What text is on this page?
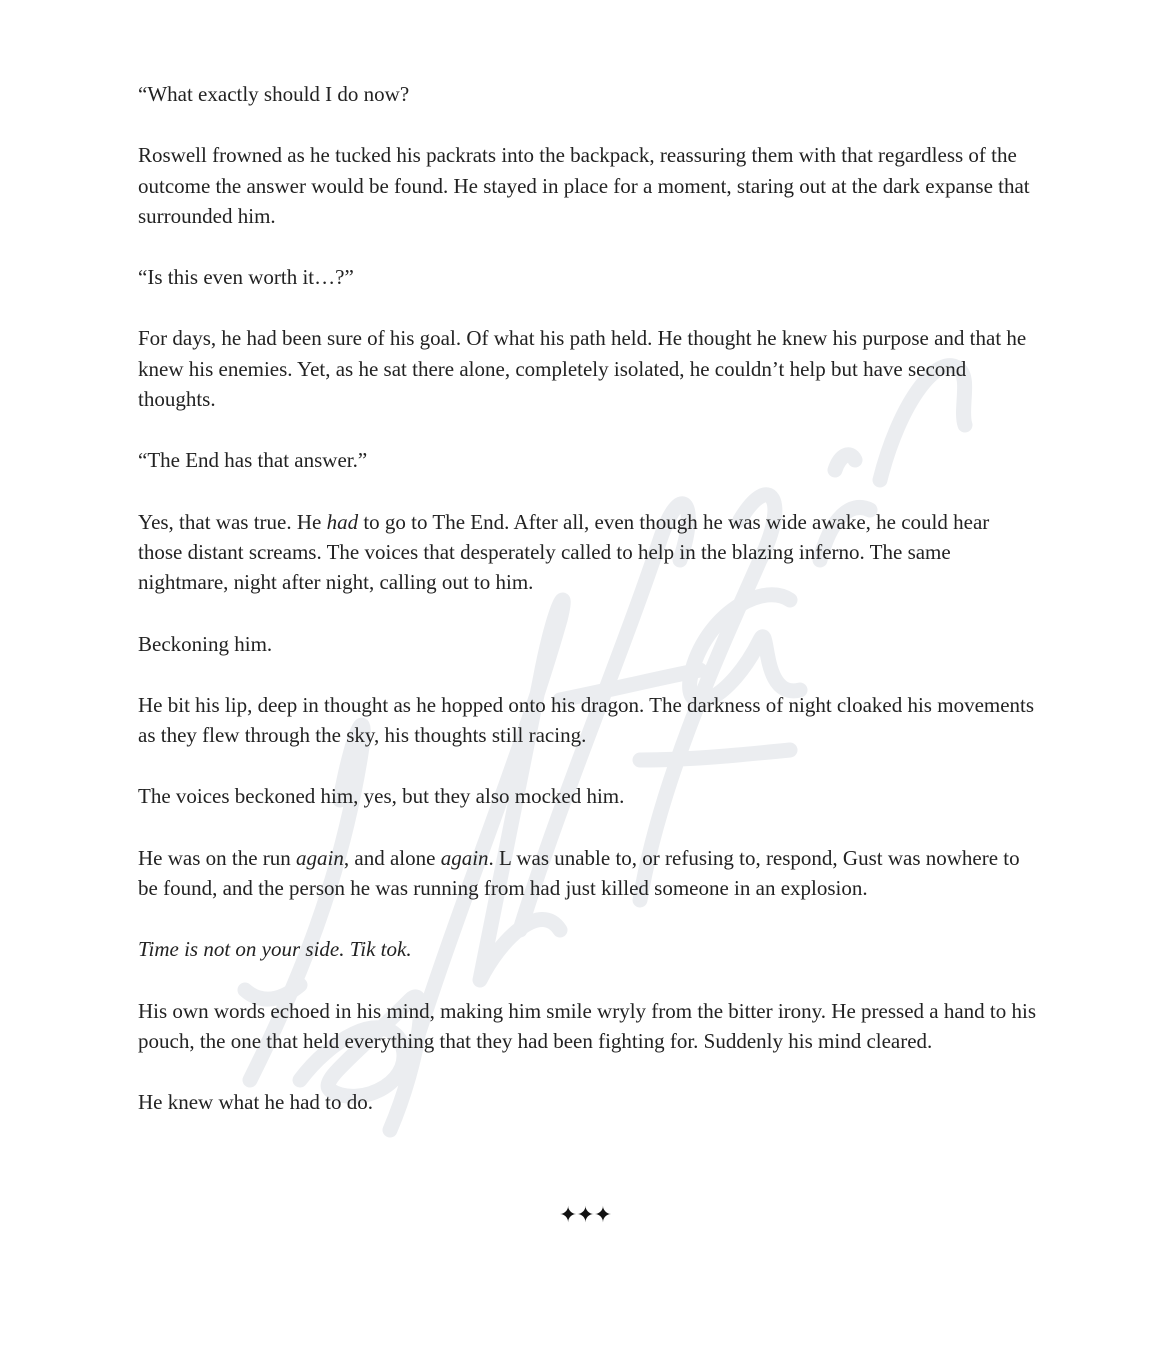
“What exactly should I do now?

Roswell frowned as he tucked his packrats into the backpack, reassuring them with that regardless of the outcome the answer would be found. He stayed in place for a moment, staring out at the dark expanse that surrounded him.

“Is this even worth it…?”

For days, he had been sure of his goal. Of what his path held. He thought he knew his purpose and that he knew his enemies. Yet, as he sat there alone, completely isolated, he couldn’t help but have second thoughts.

“The End has that answer.”

Yes, that was true. He had to go to The End. After all, even though he was wide awake, he could hear those distant screams. The voices that desperately called to help in the blazing inferno. The same nightmare, night after night, calling out to him.

Beckoning him.

He bit his lip, deep in thought as he hopped onto his dragon. The darkness of night cloaked his movements as they flew through the sky, his thoughts still racing.

The voices beckoned him, yes, but they also mocked him.

He was on the run again, and alone again. L was unable to, or refusing to, respond, Gust was nowhere to be found, and the person he was running from had just killed someone in an explosion.

Time is not on your side. Tik tok.

His own words echoed in his mind, making him smile wryly from the bitter irony. He pressed a hand to his pouch, the one that held everything that they had been fighting for. Suddenly his mind cleared.

He knew what he had to do.

✦✦✦
